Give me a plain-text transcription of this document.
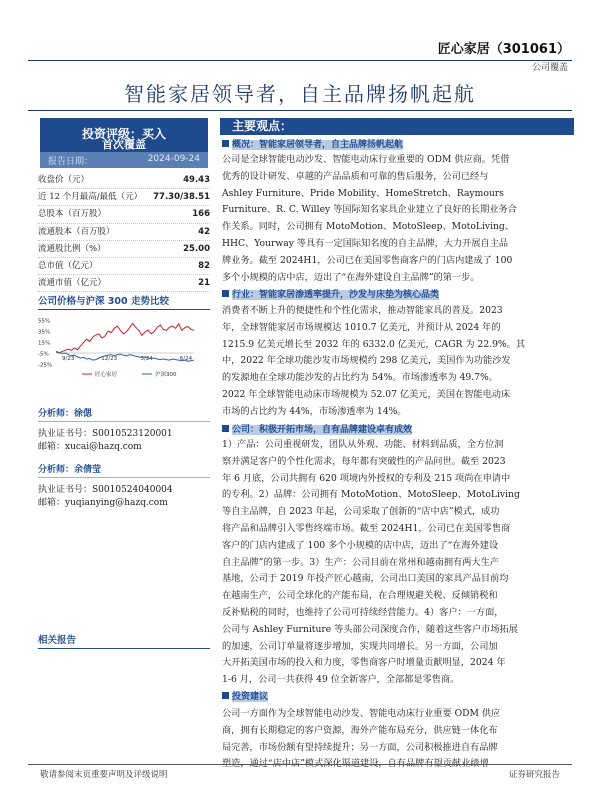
匠心家居（301061）
公司覆盖
智能家居领导者，自主品牌扬帆起航
投资评级：买入
报告日期：	2024-09-24
首次覆盖
收盘价（元）	49.43
近 12 个月最高/最低（元） 77.30/38.51
总股本（百万股）	166
流通股本（百万股）	42
流通股比例（%）	25.00
总市值（亿元）	82
流通市值（亿元）	21
公司价格与沪深 300 走势比较
55%
35%
15%
-5%
-25%
9/23	12/23	3/24	6/24
匠心家居	沪深300
分析师：徐偲
执业证书号：S0010523120001
邮箱：xucai@hazq.com
分析师：余倩莹
执业证书号：S0010524040004
邮箱：yuqianying@hazq.com
相关报告
主要观点：
概况：智能家居领导者，自主品牌扬帆起航
公司是全球智能电动沙发、智能电动床行业重要的 ODM 供应商。凭借
优秀的设计研发、卓越的产品品质和可靠的售后服务，公司已经与
Ashley Furniture、Pride Mobility、HomeStretch、Raymours
Furniture、R. C. Willey 等国际知名家具企业建立了良好的长期业务合
作关系。同时，公司拥有 MotoMotion、MotoSleep、MotoLiving、
HHC、Yourway 等具有一定国际知名度的自主品牌，大力开展自主品
牌业务。截至 2024H1，公司已在美国零售商客户的门店内建成了 100
多个小规模的店中店，迈出了“在海外建设自主品牌”的第一步。
行业：智能家居渗透率提升，沙发与床垫为核心品类
消费者不断上升的便捷性和个性化需求，推动智能家具的普及。2023
年，全球智能家居市场规模达 1010.7 亿美元，并预计从 2024 年的
1215.9 亿美元增长至 2032 年的 6332.0 亿美元，CAGR 为 22.9%。其
中，2022 年全球功能沙发市场规模约 298 亿美元，美国作为功能沙发
的发源地在全球功能沙发的占比约为 54%。市场渗透率为 49.7%。
2022 年全球智能电动床市场规模为 52.07 亿美元，美国在智能电动床
市场的占比约为 44%，市场渗透率为 14%。
公司：积极开拓市场，自有品牌建设卓有成效
1）产品：公司重视研发，团队从外观、功能、材料到品质，全方位洞
察并满足客户的个性化需求，每年都有突破性的产品问世。截至 2023
年 6 月底，公司共拥有 620 项境内外授权的专利及 215 项尚在申请中
的专利。2）品牌：公司拥有 MotoMotion、MotoSleep、MotoLiving
等自主品牌，自 2023 年起，公司采取了创新的“店中店”模式，成功
将产品和品牌引入零售终端市场。截至 2024H1，公司已在美国零售商
客户的门店内建成了 100 多个小规模的店中店，迈出了“在海外建设
自主品牌”的第一步。3）生产：公司目前在常州和越南拥有两大生产
基地，公司于 2019 年投产匠心越南，公司出口美国的家具产品目前均
在越南生产，公司全球化的产能布局，在合理规避关税、反倾销税和
反补贴税的同时，也维持了公司可持续经营能力。4）客户：一方面，
公司与 Ashley Furniture 等头部公司深度合作，随着这些客户市场拓展
的加速，公司订单量将逐步增加，实现共同增长。另一方面，公司加
大开拓美国市场的投入和力度，零售商客户时增量贡献明显，2024 年
1-6 月，公司一共获得 49 位全新客户，全部都是零售商。
投资建议
公司一方面作为全球智能电动沙发、智能电动床行业重要 ODM 供应
商，拥有长期稳定的客户资源，海外产能布局充分，供应链一体化布
局完善，市场份额有望持续提升；另一方面，公司积极推进自有品牌
塑造，通过“店中店”模式深化渠道建设，自有品牌有望贡献业绩增
敬请参阅末页重要声明及评级说明	证券研究报告
